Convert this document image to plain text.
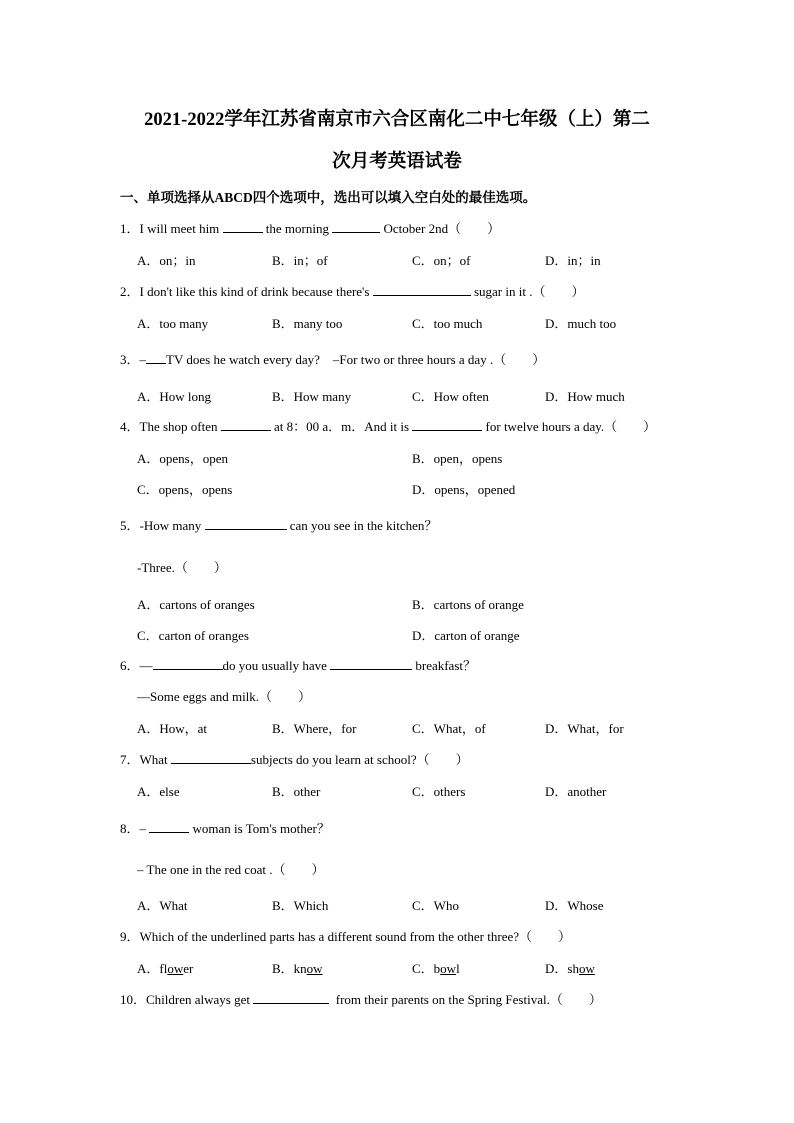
2021-2022学年江苏省南京市六合区南化二中七年级（上）第二
次月考英语试卷
一、单项选择从ABCD四个选项中，选出可以填入空白处的最佳选项。
1．I will meet him	the morning	October 2nd（　　）
A．on；in	B．in；of	C．on；of	D．in；in
2．I don't like this kind of drink because there's	sugar in it .（　　）
A．too many	B．many too	C．too much	D．much too
3．– TV does he watch every day?　–For two or three hours a day .（　　）
A．How long	B．How many	C．How often	D．How much
4．The shop often	at 8：00 a．m．And it is	for twelve hours a day.（　　）
A．opens，open	B．open，opens
C．opens，opens	D．opens，opened
5．-How many	can you see in the kitchen？
-Three.（　　）
A．cartons of oranges	B．cartons of orange
C．carton of oranges	D．carton of orange
6．—	do you usually have	breakfast？
—Some eggs and milk.（　　）
A．How，at	B．Where，for	C．What，of	D．What，for
7．What	subjects do you learn at school?（　　）
A．else	B．other	C．others	D．another
8．–	woman is Tom's mother？
– The one in the red coat .（　　）
A．What	B．Which	C．Who	D．Whose
9．Which of the underlined parts has a different sound from the other three?（　　）
A．flower	B．know	C．bowl	D．show
10．Children always get	from their parents on the Spring Festival.（　　）
